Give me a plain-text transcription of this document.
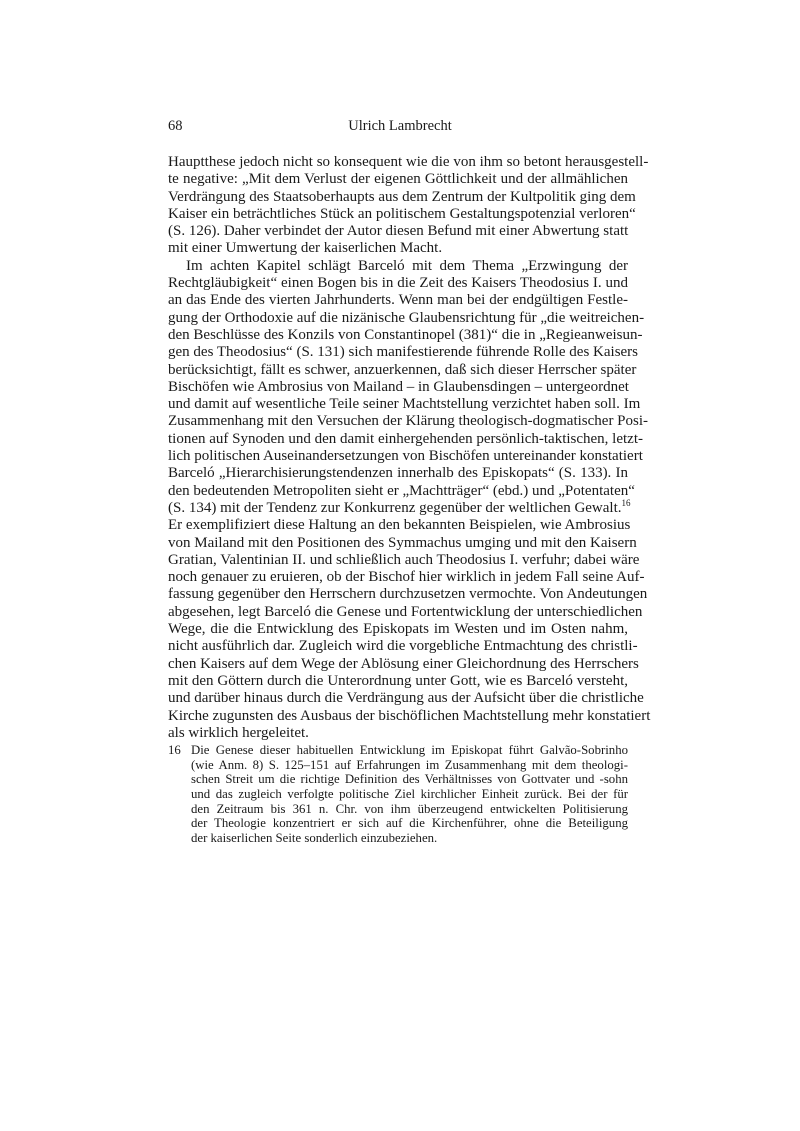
68	Ulrich Lambrecht
Hauptthese jedoch nicht so konsequent wie die von ihm so betont herausgestell-
te negative: „Mit dem Verlust der eigenen Göttlichkeit und der allmählichen
Verdrängung des Staatsoberhaupts aus dem Zentrum der Kultpolitik ging dem
Kaiser ein beträchtliches Stück an politischem Gestaltungspotenzial verloren“
(S. 126). Daher verbindet der Autor diesen Befund mit einer Abwertung statt
mit einer Umwertung der kaiserlichen Macht.
Im achten Kapitel schlägt Barceló mit dem Thema „Erzwingung der
Rechtgläubigkeit“ einen Bogen bis in die Zeit des Kaisers Theodosius I. und
an das Ende des vierten Jahrhunderts. Wenn man bei der endgültigen Festle-
gung der Orthodoxie auf die nizänische Glaubensrichtung für „die weitreichen-
den Beschlüsse des Konzils von Constantinopel (381)“ die in „Regieanweisun-
gen des Theodosius“ (S. 131) sich manifestierende führende Rolle des Kaisers
berücksichtigt, fällt es schwer, anzuerkennen, daß sich dieser Herrscher später
Bischöfen wie Ambrosius von Mailand – in Glaubensdingen – untergeordnet
und damit auf wesentliche Teile seiner Machtstellung verzichtet haben soll. Im
Zusammenhang mit den Versuchen der Klärung theologisch-dogmatischer Posi-
tionen auf Synoden und den damit einhergehenden persönlich-taktischen, letzt-
lich politischen Auseinandersetzungen von Bischöfen untereinander konstatiert
Barceló „Hierarchisierungstendenzen innerhalb des Episkopats“ (S. 133). In
den bedeutenden Metropoliten sieht er „Machtträger“ (ebd.) und „Potentaten“
(S. 134) mit der Tendenz zur Konkurrenz gegenüber der weltlichen Gewalt.$^{16}$
Er exemplifiziert diese Haltung an den bekannten Beispielen, wie Ambrosius
von Mailand mit den Positionen des Symmachus umging und mit den Kaisern
Gratian, Valentinian II. und schließlich auch Theodosius I. verfuhr; dabei wäre
noch genauer zu eruieren, ob der Bischof hier wirklich in jedem Fall seine Auf-
fassung gegenüber den Herrschern durchzusetzen vermochte. Von Andeutungen
abgesehen, legt Barceló die Genese und Fortentwicklung der unterschiedlichen
Wege, die die Entwicklung des Episkopats im Westen und im Osten nahm,
nicht ausführlich dar. Zugleich wird die vorgebliche Entmachtung des christli-
chen Kaisers auf dem Wege der Ablösung einer Gleichordnung des Herrschers
mit den Göttern durch die Unterordnung unter Gott, wie es Barceló versteht,
und darüber hinaus durch die Verdrängung aus der Aufsicht über die christliche
Kirche zugunsten des Ausbaus der bischöflichen Machtstellung mehr konstatiert
als wirklich hergeleitet.
16 Die Genese dieser habituellen Entwicklung im Episkopat führt Galvão-Sobrinho
(wie Anm. 8) S. 125–151 auf Erfahrungen im Zusammenhang mit dem theologi-
schen Streit um die richtige Definition des Verhältnisses von Gottvater und -sohn
und das zugleich verfolgte politische Ziel kirchlicher Einheit zurück. Bei der für
den Zeitraum bis 361 n. Chr. von ihm überzeugend entwickelten Politisierung
der Theologie konzentriert er sich auf die Kirchenführer, ohne die Beteiligung
der kaiserlichen Seite sonderlich einzubeziehen.
